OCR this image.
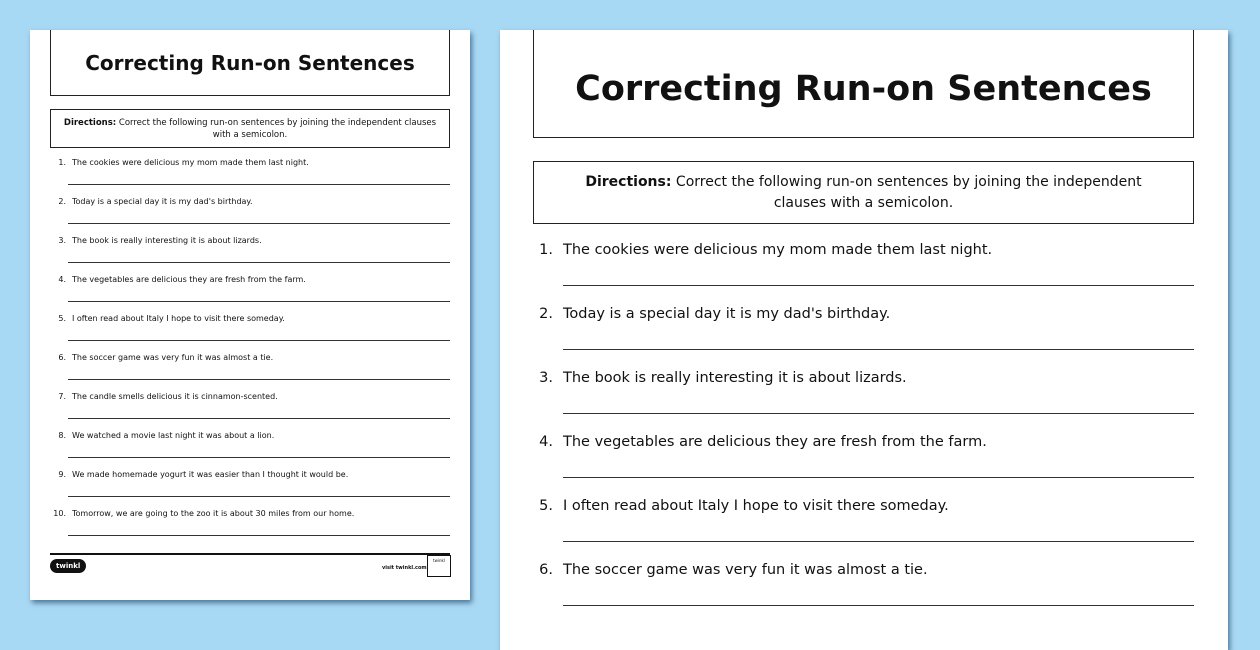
Correcting Run-on Sentences
Directions: Correct the following run-on sentences by joining the independent clauses with a semicolon.
1. The cookies were delicious my mom made them last night.
2. Today is a special day it is my dad's birthday.
3. The book is really interesting it is about lizards.
4. The vegetables are delicious they are fresh from the farm.
5. I often read about Italy I hope to visit there someday.
6. The soccer game was very fun it was almost a tie.
7. The candle smells delicious it is cinnamon-scented.
8. We watched a movie last night it was about a lion.
9. We made homemade yogurt it was easier than I thought it would be.
10. Tomorrow, we are going to the zoo it is about 30 miles from our home.
twinkl	visit twinkl.com
twinkl
Correcting Run-on Sentences
Directions: Correct the following run-on sentences by joining the independent clauses with a semicolon.
1. The cookies were delicious my mom made them last night.
2. Today is a special day it is my dad's birthday.
3. The book is really interesting it is about lizards.
4. The vegetables are delicious they are fresh from the farm.
5. I often read about Italy I hope to visit there someday.
6. The soccer game was very fun it was almost a tie.
